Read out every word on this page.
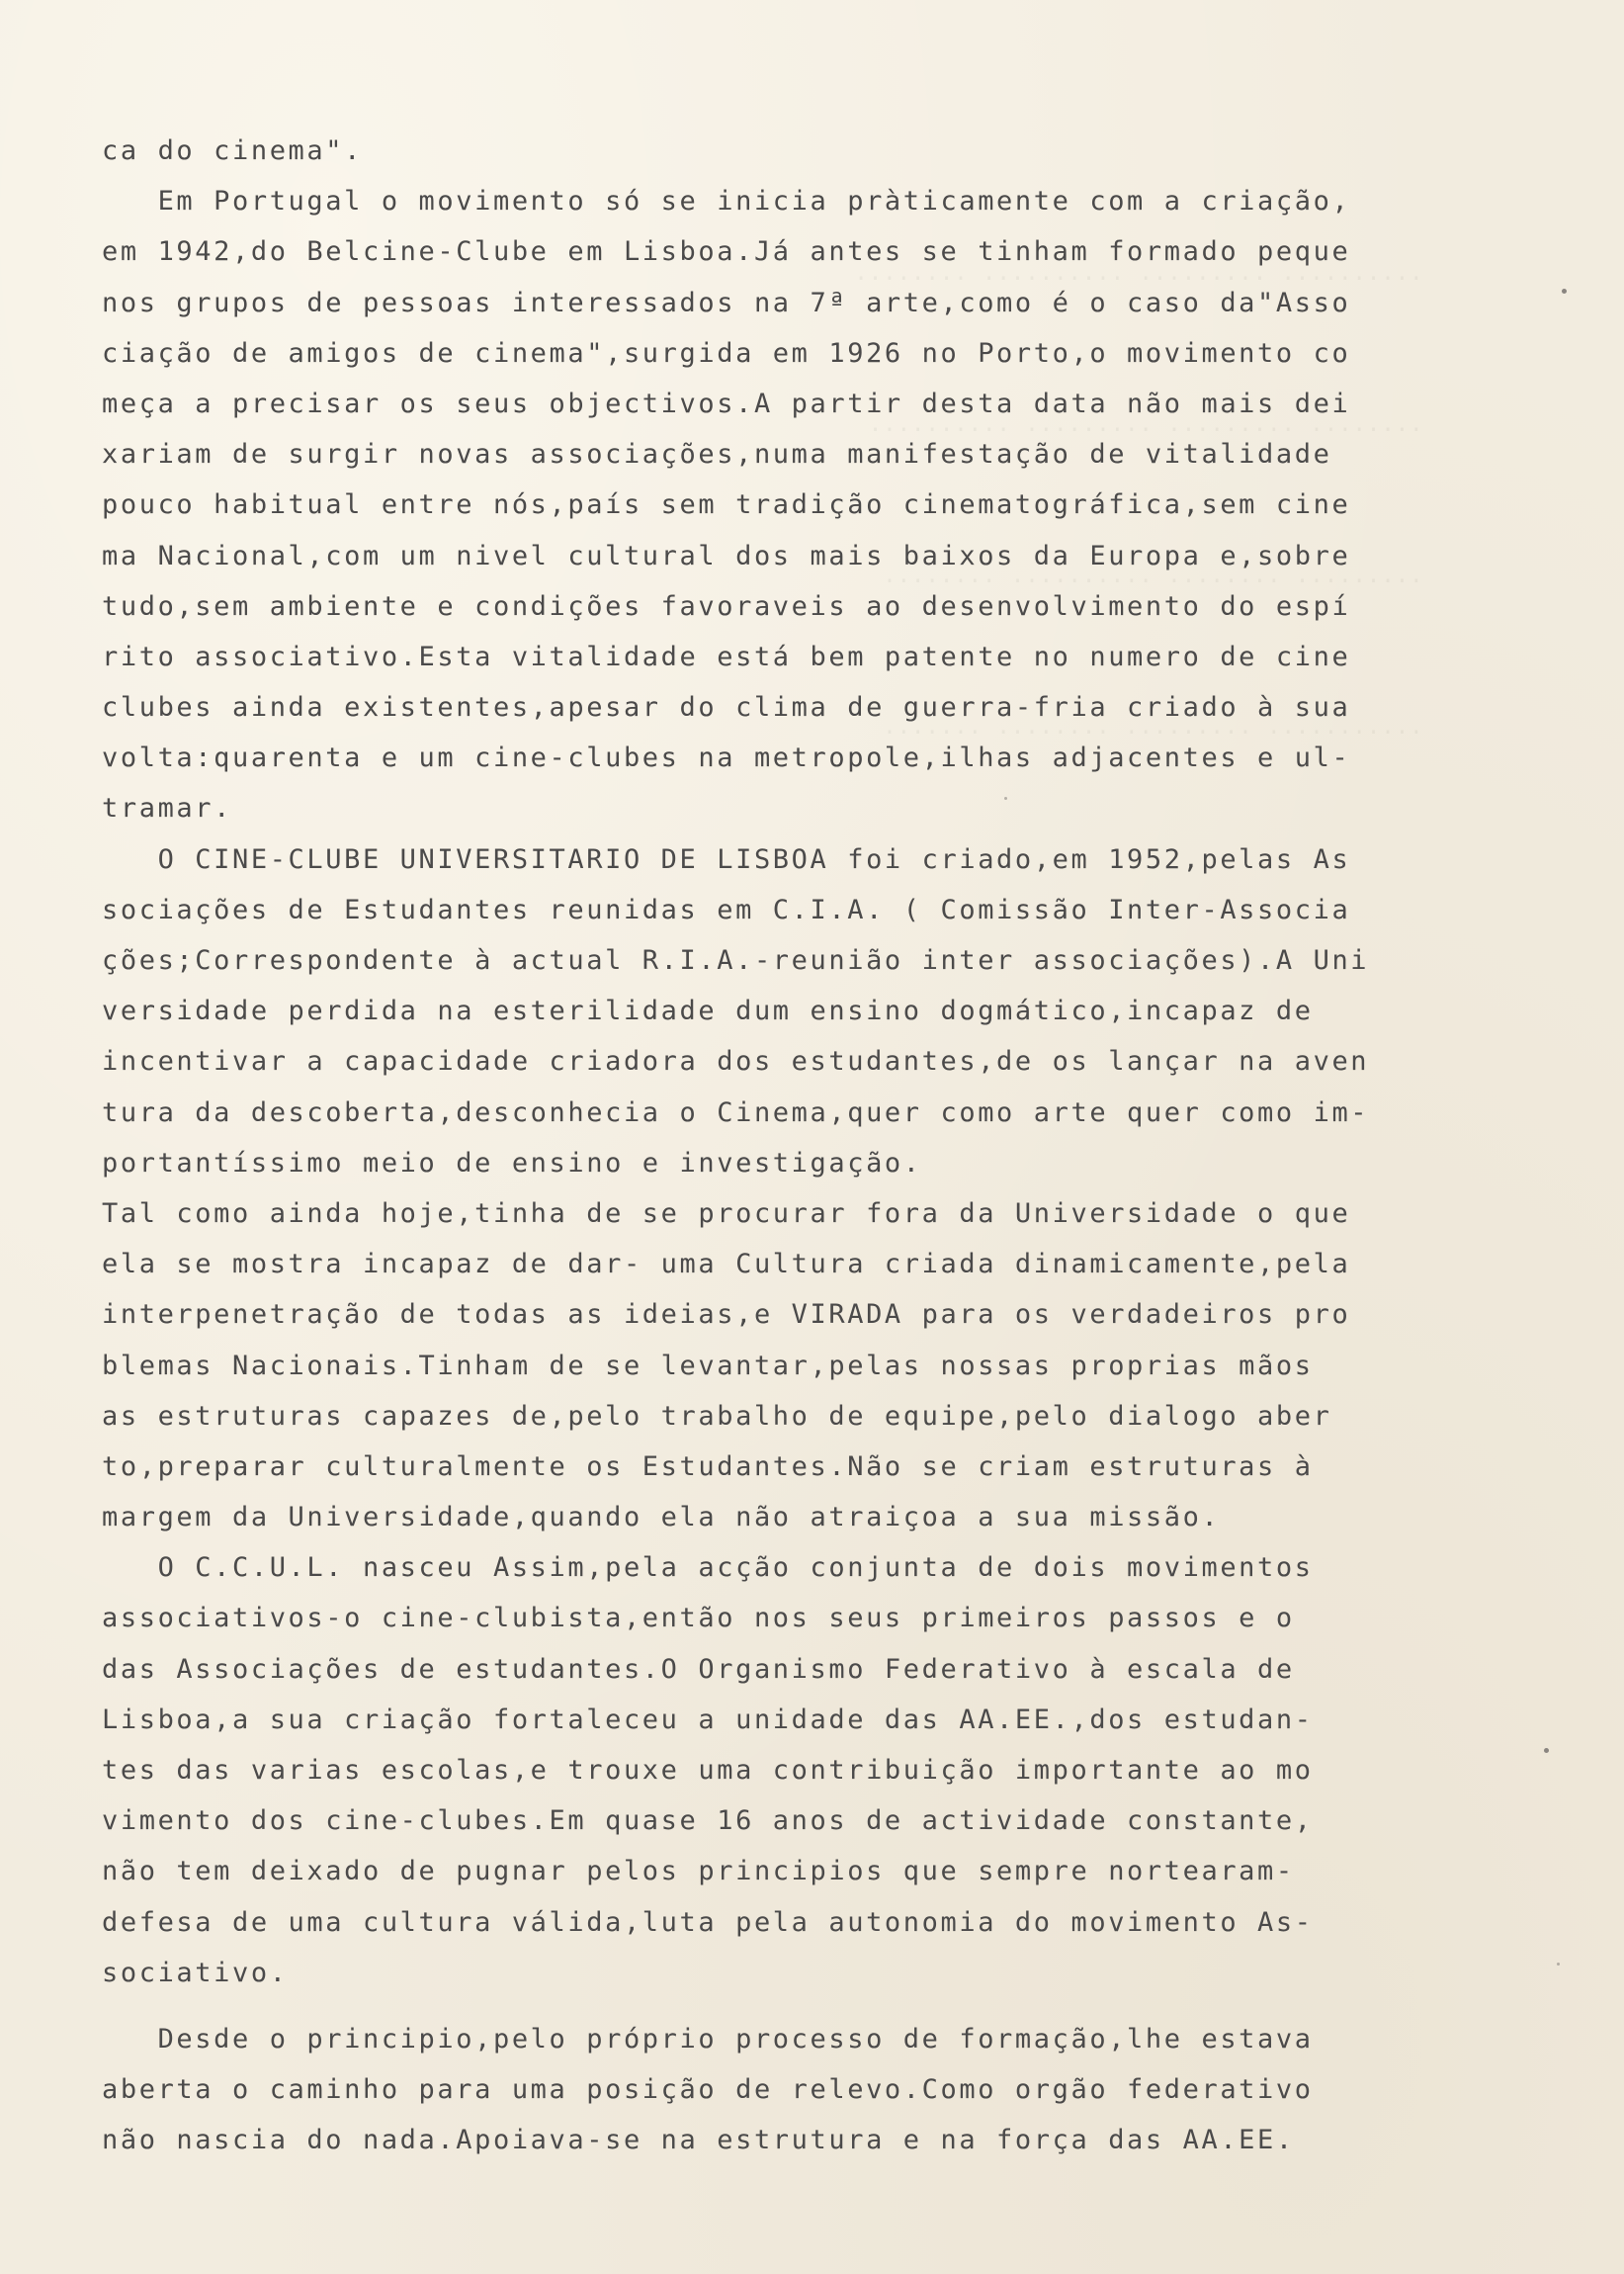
.......... ......... .......... ........

........ ......... ......... ..........

......... ........ .......... ........

........... ......... ........ .......

ca do cinema".
Em Portugal o movimento só se inicia pràticamente com a criação,
em 1942,do Belcine-Clube em Lisboa.Já antes se tinham formado peque
nos grupos de pessoas interessados na 7ª arte,como é o caso da"Asso
ciação de amigos de cinema",surgida em 1926 no Porto,o movimento co
meça a precisar os seus objectivos.A partir desta data não mais dei
xariam de surgir novas associações,numa manifestação de vitalidade
pouco habitual entre nós,país sem tradição cinematográfica,sem cine
ma Nacional,com um nivel cultural dos mais baixos da Europa e,sobre
tudo,sem ambiente e condições favoraveis ao desenvolvimento do espí
rito associativo.Esta vitalidade está bem patente no numero de cine
clubes ainda existentes,apesar do clima de guerra-fria criado à sua
volta:quarenta e um cine-clubes na metropole,ilhas adjacentes e ul-
tramar.
O CINE-CLUBE UNIVERSITARIO DE LISBOA foi criado,em 1952,pelas As
sociações de Estudantes reunidas em C.I.A. ( Comissão Inter-Associa
ções;Correspondente à actual R.I.A.-reunião inter associações).A Uni
versidade perdida na esterilidade dum ensino dogmático,incapaz de
incentivar a capacidade criadora dos estudantes,de os lançar na aven
tura da descoberta,desconhecia o Cinema,quer como arte quer como im-
portantíssimo meio de ensino e investigação.
Tal como ainda hoje,tinha de se procurar fora da Universidade o que
ela se mostra incapaz de dar- uma Cultura criada dinamicamente,pela
interpenetração de todas as ideias,e VIRADA para os verdadeiros pro
blemas Nacionais.Tinham de se levantar,pelas nossas proprias mãos
as estruturas capazes de,pelo trabalho de equipe,pelo dialogo aber
to,preparar culturalmente os Estudantes.Não se criam estruturas à
margem da Universidade,quando ela não atraiçoa a sua missão.
O C.C.U.L. nasceu Assim,pela acção conjunta de dois movimentos
associativos-o cine-clubista,então nos seus primeiros passos e o
das Associações de estudantes.O Organismo Federativo à escala de
Lisboa,a sua criação fortaleceu a unidade das AA.EE.,dos estudan-
tes das varias escolas,e trouxe uma contribuição importante ao mo
vimento dos cine-clubes.Em quase 16 anos de actividade constante,
não tem deixado de pugnar pelos principios que sempre nortearam-
defesa de uma cultura válida,luta pela autonomia do movimento As-
sociativo.
Desde o principio,pelo próprio processo de formação,lhe estava
aberta o caminho para uma posição de relevo.Como orgão federativo
não nascia do nada.Apoiava-se na estrutura e na força das AA.EE.
